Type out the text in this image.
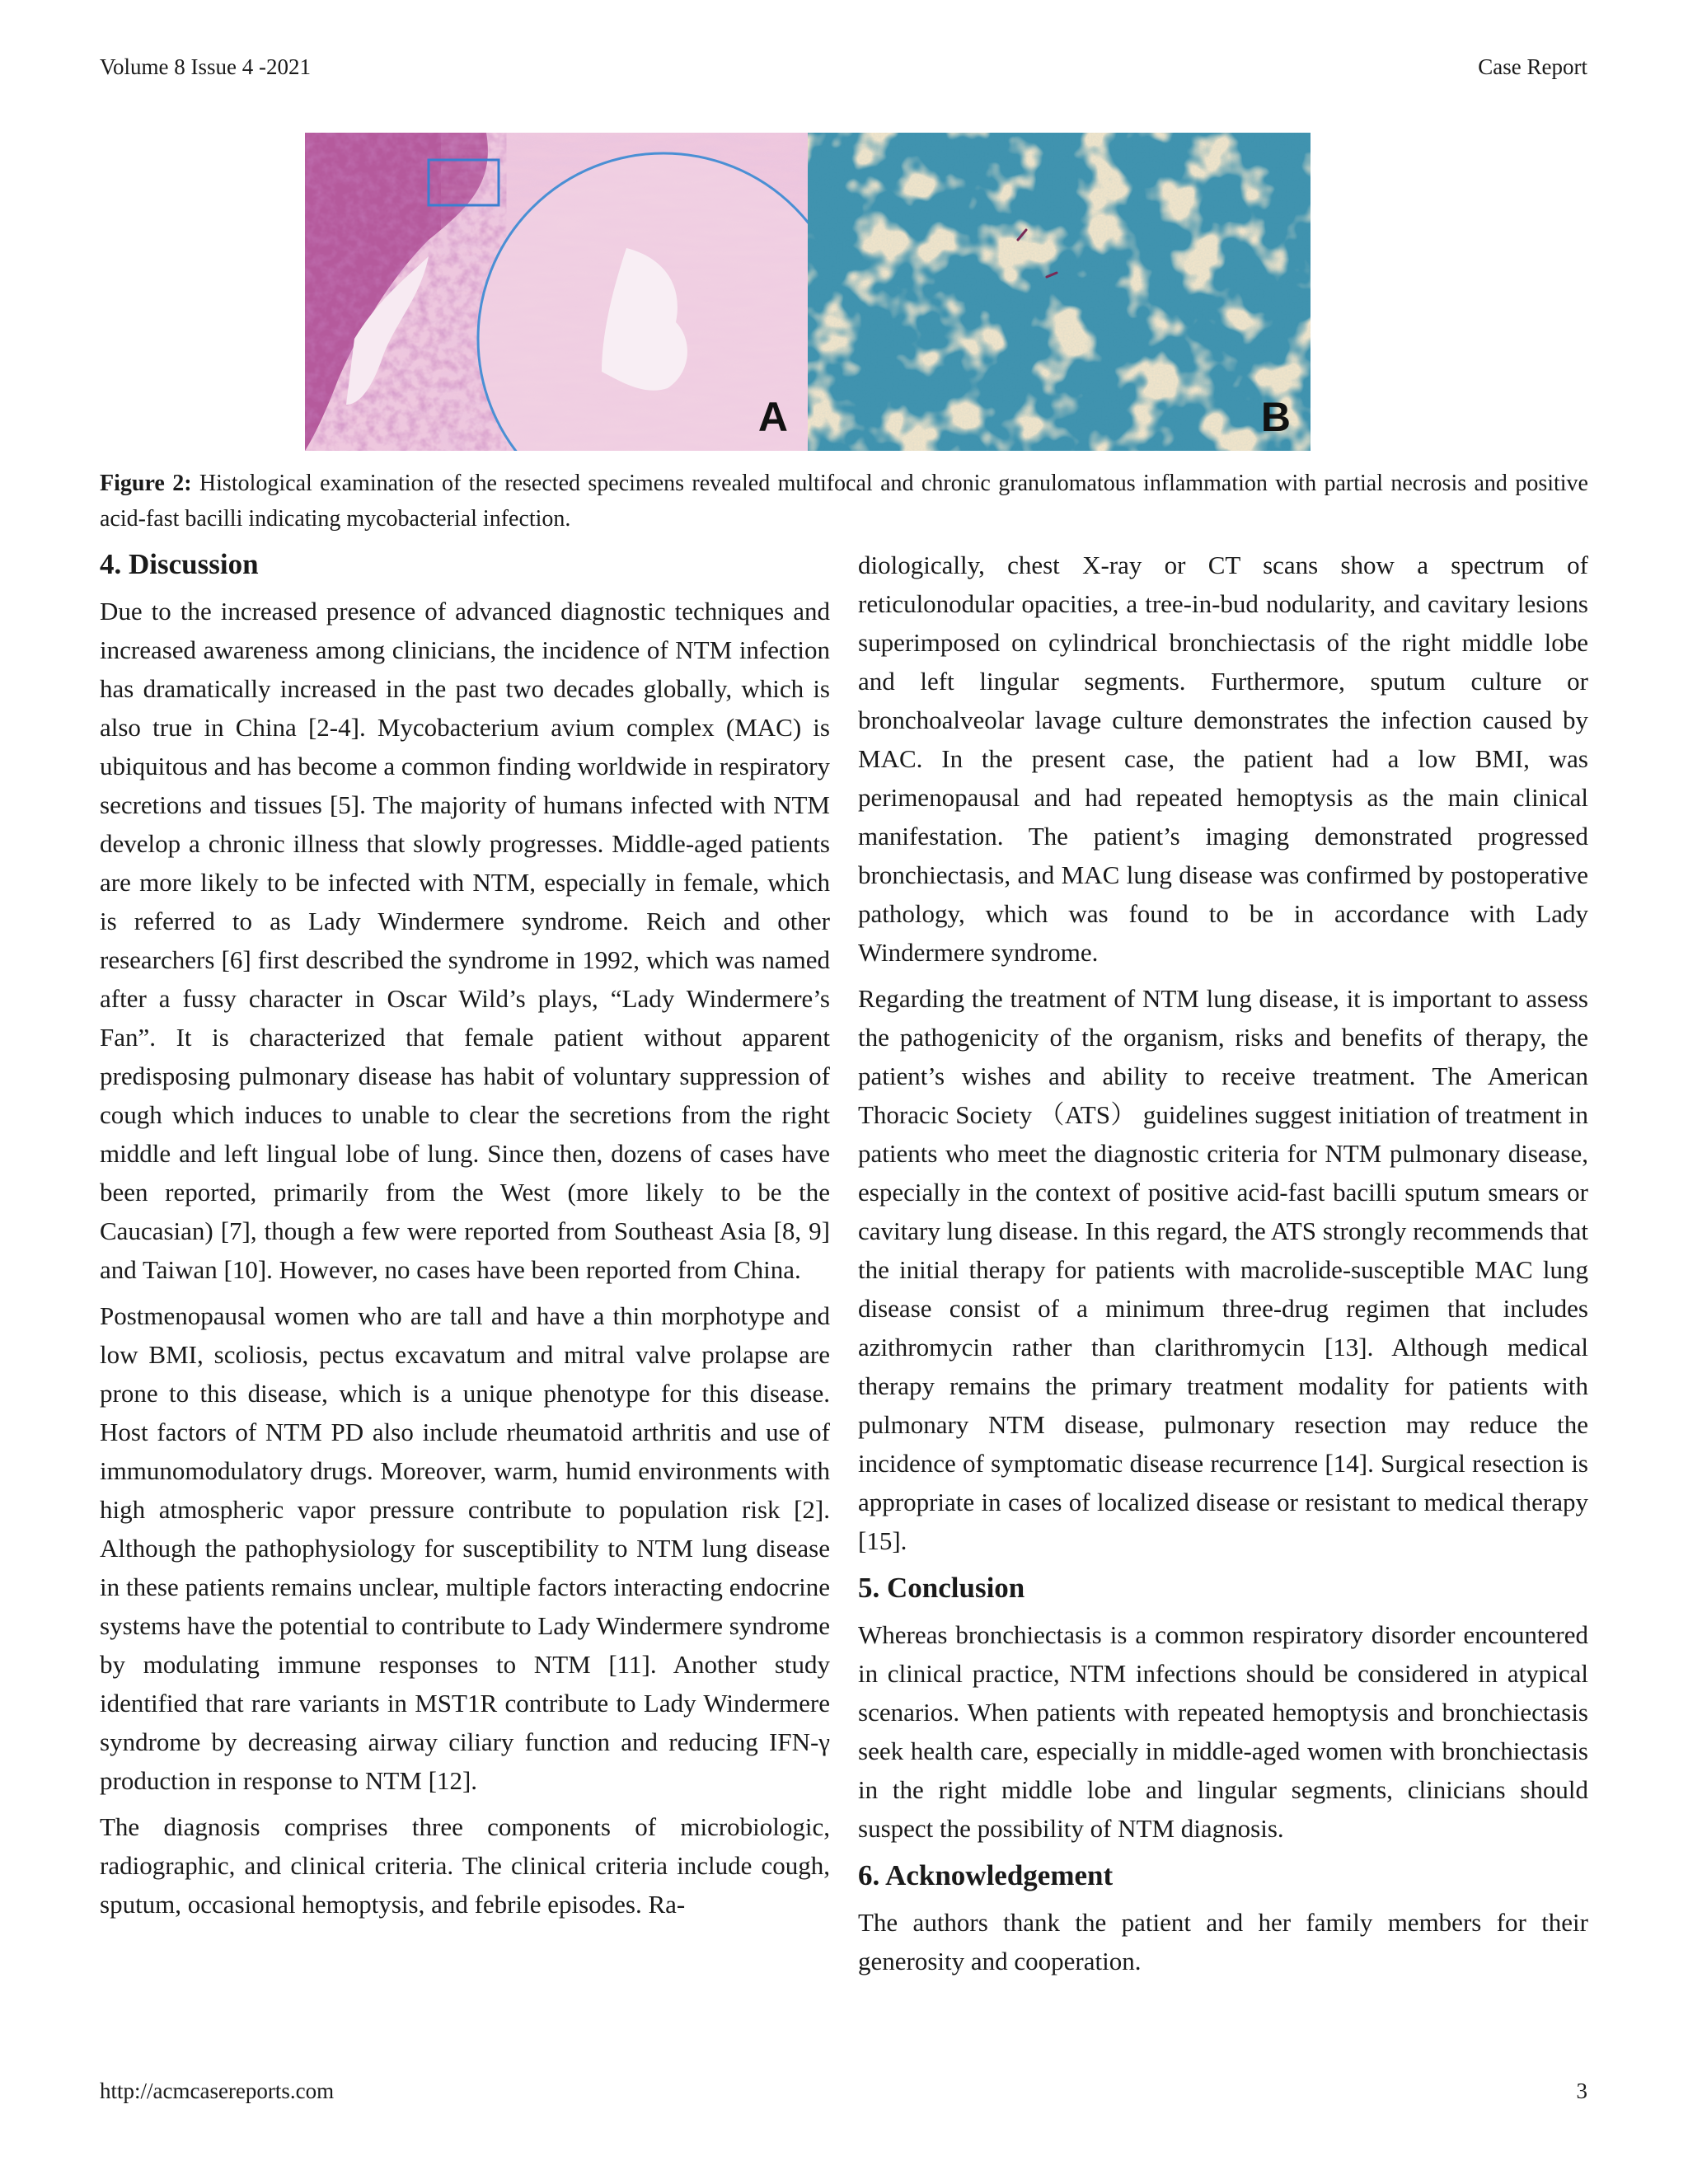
Volume 8 Issue 4 -2021	Case Report
A	B
Figure 2: Histological examination of the resected specimens revealed multifocal and chronic granulomatous inflammation with partial necrosis and positive acid-fast bacilli indicating mycobacterial infection.
4. Discussion

Due to the increased presence of advanced diagnostic techniques and increased awareness among clinicians, the incidence of NTM infection has dramatically increased in the past two decades globally, which is also true in China [2-4]. Mycobacterium avium complex (MAC) is ubiquitous and has become a common finding worldwide in respiratory secretions and tissues [5]. The majority of humans infected with NTM develop a chronic illness that slowly progresses. Middle-aged patients are more likely to be infected with NTM, especially in female, which is referred to as Lady Windermere syndrome. Reich and other researchers [6] first described the syndrome in 1992, which was named after a fussy character in Oscar Wild’s plays, “Lady Windermere’s Fan”. It is characterized that female patient without apparent predisposing pulmonary disease has habit of voluntary suppression of cough which induces to unable to clear the secretions from the right middle and left lingual lobe of lung. Since then, dozens of cases have been reported, primarily from the West (more likely to be the Caucasian) [7], though a few were reported from Southeast Asia [8, 9] and Taiwan [10]. However, no cases have been reported from China.

Postmenopausal women who are tall and have a thin morphotype and low BMI, scoliosis, pectus excavatum and mitral valve prolapse are prone to this disease, which is a unique phenotype for this disease. Host factors of NTM PD also include rheumatoid arthritis and use of immunomodulatory drugs. Moreover, warm, humid environments with high atmospheric vapor pressure contribute to population risk [2]. Although the pathophysiology for susceptibility to NTM lung disease in these patients remains unclear, multiple factors interacting endocrine systems have the potential to contribute to Lady Windermere syndrome by modulating immune responses to NTM [11]. Another study identified that rare variants in MST1R contribute to Lady Windermere syndrome by decreasing airway ciliary function and reducing IFN-γ production in response to NTM [12].

The diagnosis comprises three components of microbiologic, radiographic, and clinical criteria. The clinical criteria include cough, sputum, occasional hemoptysis, and febrile episodes. Ra-

diologically, chest X-ray or CT scans show a spectrum of reticulonodular opacities, a tree-in-bud nodularity, and cavitary lesions superimposed on cylindrical bronchiectasis of the right middle lobe and left lingular segments. Furthermore, sputum culture or bronchoalveolar lavage culture demonstrates the infection caused by MAC. In the present case, the patient had a low BMI, was perimenopausal and had repeated hemoptysis as the main clinical manifestation. The patient’s imaging demonstrated progressed bronchiectasis, and MAC lung disease was confirmed by postoperative pathology, which was found to be in accordance with Lady Windermere syndrome.

Regarding the treatment of NTM lung disease, it is important to assess the pathogenicity of the organism, risks and benefits of therapy, the patient’s wishes and ability to receive treatment. The American Thoracic Society （ATS） guidelines suggest initiation of treatment in patients who meet the diagnostic criteria for NTM pulmonary disease, especially in the context of positive acid-fast bacilli sputum smears or cavitary lung disease. In this regard, the ATS strongly recommends that the initial therapy for patients with macrolide-susceptible MAC lung disease consist of a minimum three-drug regimen that includes azithromycin rather than clarithromycin [13]. Although medical therapy remains the primary treatment modality for patients with pulmonary NTM disease, pulmonary resection may reduce the incidence of symptomatic disease recurrence [14]. Surgical resection is appropriate in cases of localized disease or resistant to medical therapy [15].

5. Conclusion

Whereas bronchiectasis is a common respiratory disorder encountered in clinical practice, NTM infections should be considered in atypical scenarios. When patients with repeated hemoptysis and bronchiectasis seek health care, especially in middle-aged women with bronchiectasis in the right middle lobe and lingular segments, clinicians should suspect the possibility of NTM diagnosis.

6. Acknowledgement

The authors thank the patient and her family members for their generosity and cooperation.

http://acmcasereports.com	3
